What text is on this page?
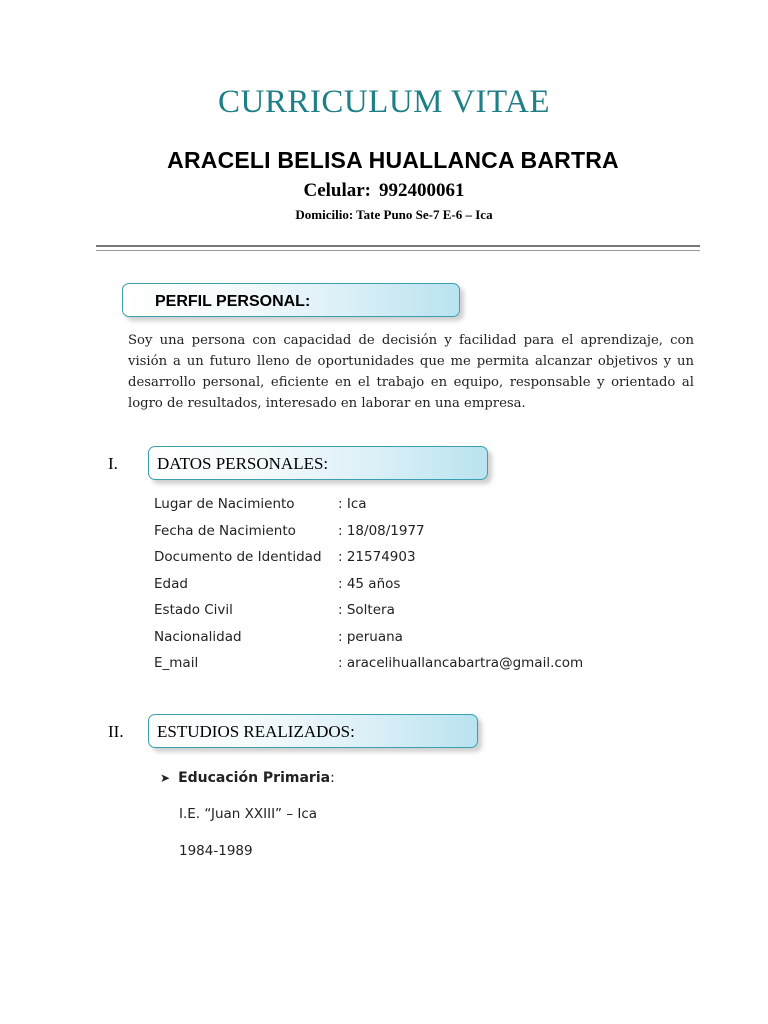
CURRICULUM VITAE
ARACELI BELISA HUALLANCA BARTRA
Celular: 992400061
Domicilio: Tate Puno Se-7 E-6 – Ica
PERFIL PERSONAL:
Soy una persona con capacidad de decisión y facilidad para el aprendizaje, con visión a un futuro lleno de oportunidades que me permita alcanzar objetivos y un desarrollo personal, eficiente en el trabajo en equipo, responsable y orientado al logro de resultados, interesado en laborar en una empresa.
I. DATOS PERSONALES:
Lugar de Nacimiento	: Ica
Fecha de Nacimiento	: 18/08/1977
Documento de Identidad : 21574903
Edad	: 45 años
Estado Civil	: Soltera
Nacionalidad	: peruana
E_mail	: aracelihuallancabartra@gmail.com
II. ESTUDIOS REALIZADOS:
➤ Educación Primaria:
I.E. “Juan XXIII” – Ica
1984-1989
